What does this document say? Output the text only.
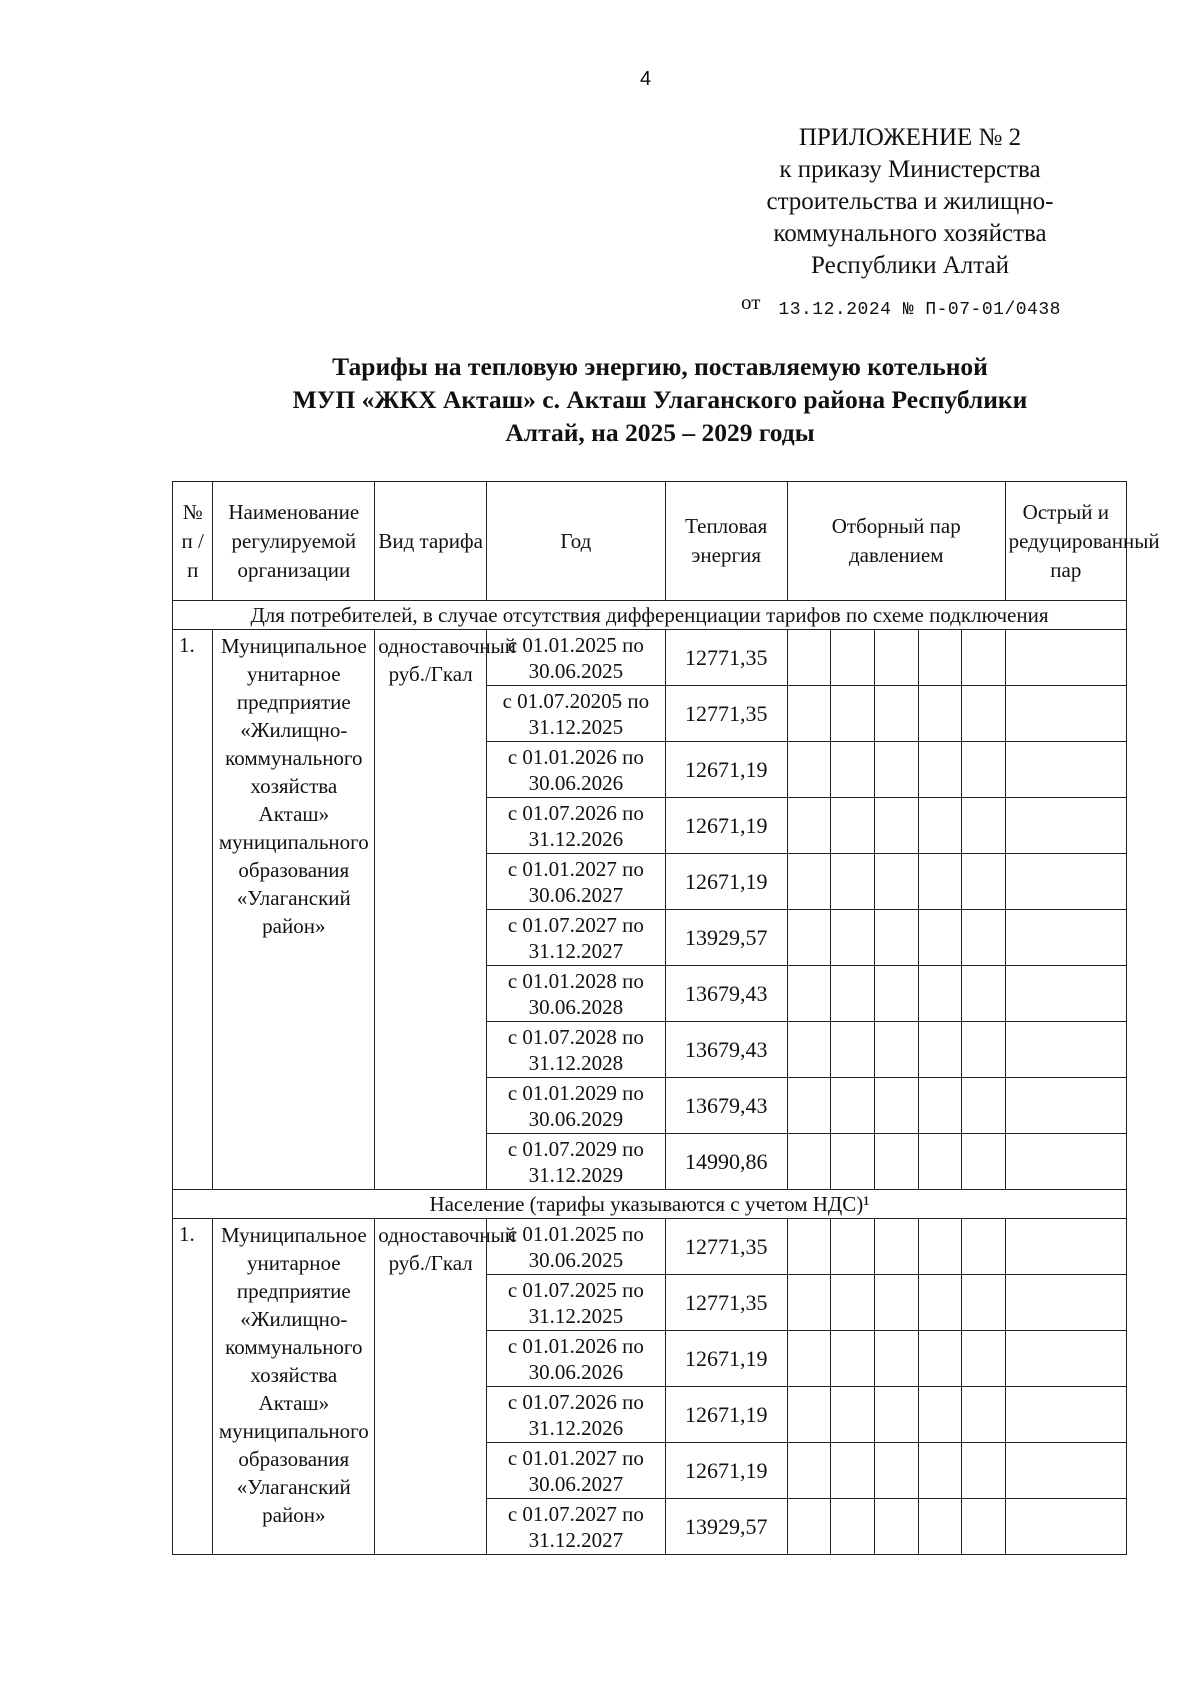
4
ПРИЛОЖЕНИЕ № 2
к приказу Министерства
строительства и жилищно-
коммунального хозяйства
Республики Алтай
от 13.12.2024 № П-07-01/0438
Тарифы на тепловую энергию, поставляемую котельной
МУП «ЖКХ Акташ» с. Акташ Улаганского района Республики
Алтай, на 2025 – 2029 годы
№ п / п	Наименование регулируемой организации	Вид тарифа	Год	Тепловая энергия	Отборный пар давлением					Острый и редуцированный пар
Для потребителей, в случае отсутствия дифференциации тарифов по схеме подключения										
1.	Муниципальное унитарное предприятие «Жилищно-коммунального хозяйства Акташ» муниципального образования «Улаганский район»	одноставочный руб./Гкал	с 01.01.2025 по 30.06.2025	12771,35						
			с 01.07.20205 по 31.12.2025	12771,35						
			с 01.01.2026 по 30.06.2026	12671,19						
			с 01.07.2026 по 31.12.2026	12671,19						
			с 01.01.2027 по 30.06.2027	12671,19						
			с 01.07.2027 по 31.12.2027	13929,57						
			с 01.01.2028 по 30.06.2028	13679,43						
			с 01.07.2028 по 31.12.2028	13679,43						
			с 01.01.2029 по 30.06.2029	13679,43						
			с 01.07.2029 по 31.12.2029	14990,86						
Население (тарифы указываются с учетом НДС)¹										
1.	Муниципальное унитарное предприятие «Жилищно-коммунального хозяйства Акташ» муниципального образования «Улаганский район»	одноставочный руб./Гкал	с 01.01.2025 по 30.06.2025	12771,35						
			с 01.07.2025 по 31.12.2025	12771,35						
			с 01.01.2026 по 30.06.2026	12671,19						
			с 01.07.2026 по 31.12.2026	12671,19						
			с 01.01.2027 по 30.06.2027	12671,19						
			с 01.07.2027 по 31.12.2027	13929,57						
